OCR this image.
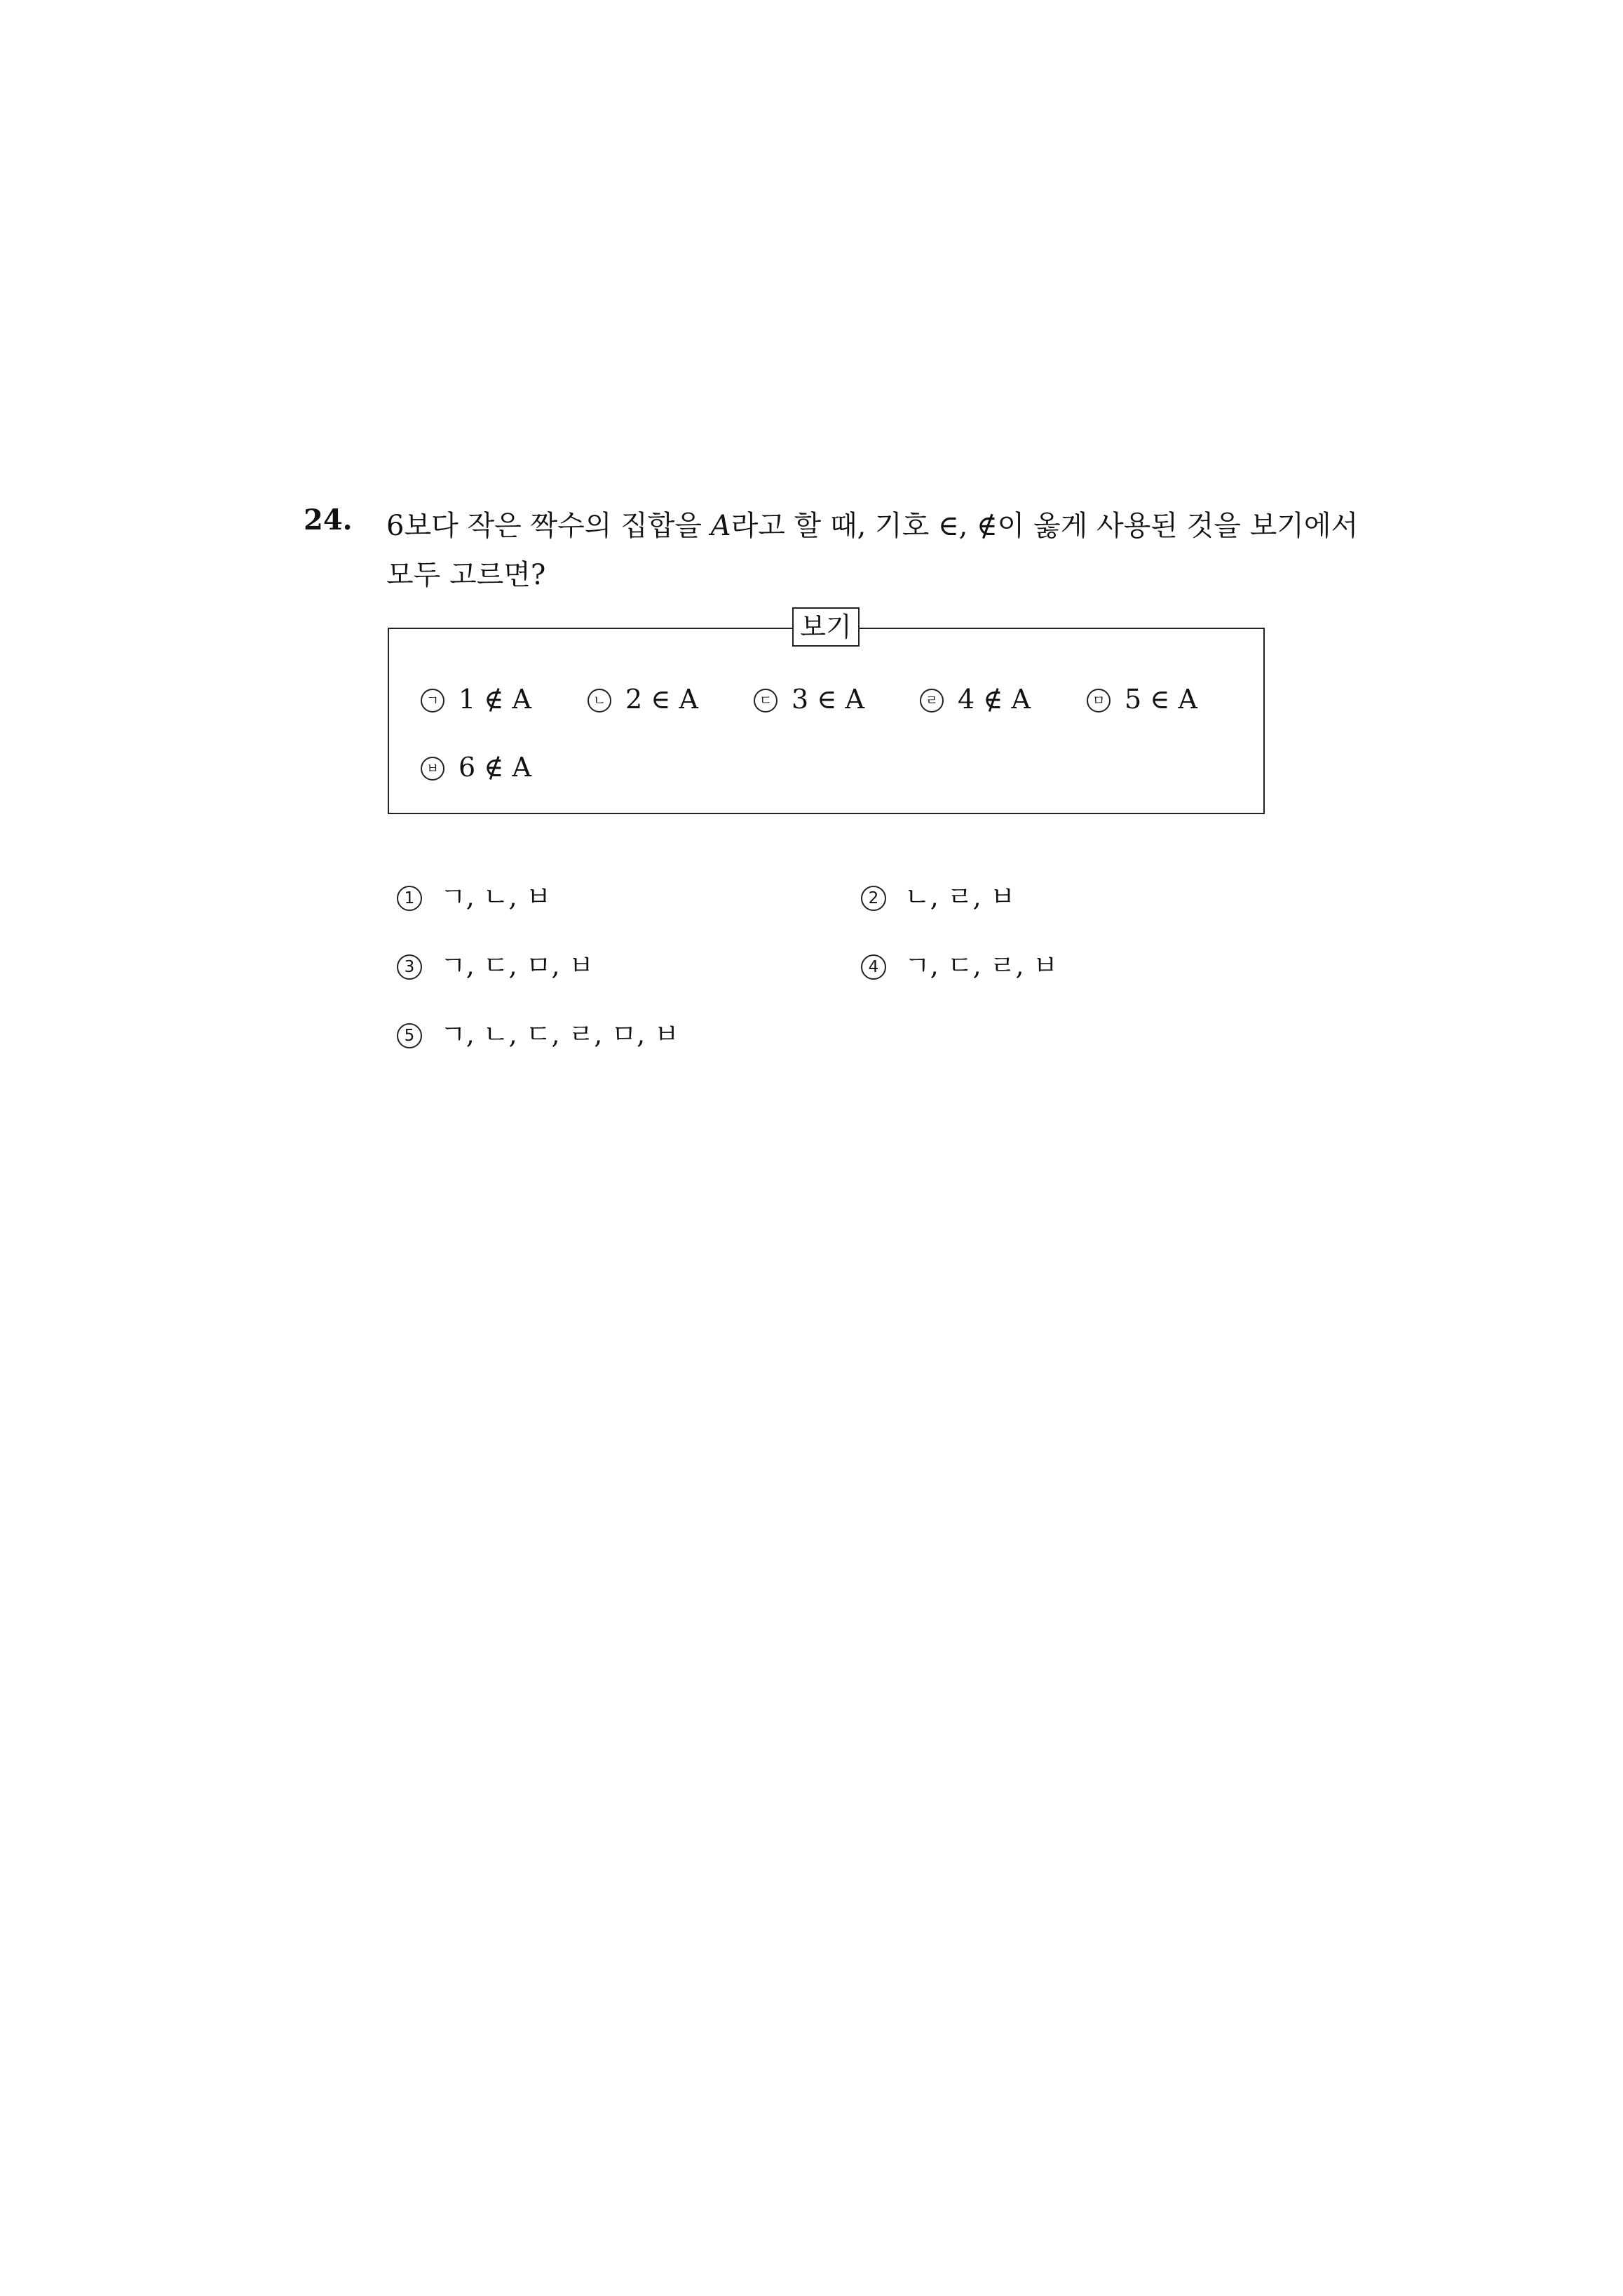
24. 6보다 작은 짝수의 집합을 A라고 할 때, 기호 ∈, ∉이 옳게 사용된 것을 보기에서
모두 고르면?
보기
ㄱ 1 ∉ A	ㄴ 2 ∈ A	ㄷ 3 ∈ A	ㄹ 4 ∉ A	ㅁ 5 ∈ A
ㅂ 6 ∉ A
1 ㄱ, ㄴ, ㅂ	2 ㄴ, ㄹ, ㅂ
3 ㄱ, ㄷ, ㅁ, ㅂ	4 ㄱ, ㄷ, ㄹ, ㅂ
5 ㄱ, ㄴ, ㄷ, ㄹ, ㅁ, ㅂ
